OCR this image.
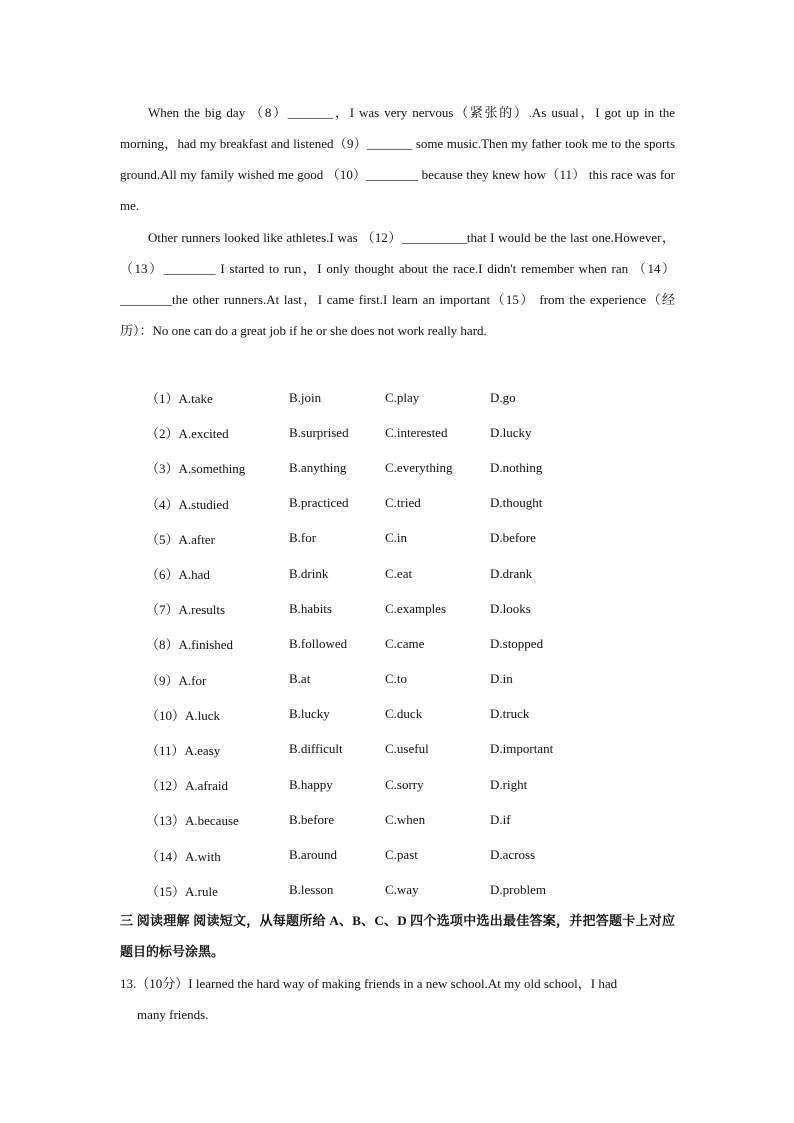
When the big day （8）_______，I was very nervous（紧张的）.As usual，I got up in the morning，had my breakfast and listened（9）_______ some music.Then my father took me to the sports ground.All my family wished me good （10）________ because they knew how（11） this race was for me.

Other runners looked like athletes.I was （12）__________that I would be the last one.However，（13）________ I started to run，I only thought about the race.I didn't remember when ran （14）________the other runners.At last，I came first.I learn an important（15） from the experience（经历）：No one can do a great job if he or she does not work really hard.

（1）A.take	B.join	C.play	D.go
（2）A.excited	B.surprised	C.interested	D.lucky
（3）A.something	B.anything	C.everything	D.nothing
（4）A.studied	B.practiced	C.tried	D.thought
（5）A.after	B.for	C.in	D.before
（6）A.had	B.drink	C.eat	D.drank
（7）A.results	B.habits	C.examples	D.looks
（8）A.finished	B.followed	C.came	D.stopped
（9）A.for	B.at	C.to	D.in
（10）A.luck	B.lucky	C.duck	D.truck
（11）A.easy	B.difficult	C.useful	D.important
（12）A.afraid	B.happy	C.sorry	D.right
（13）A.because	B.before	C.when	D.if
（14）A.with	B.around	C.past	D.across
（15）A.rule	B.lesson	C.way	D.problem

三 阅读理解 阅读短文，从每题所给 A、B、C、D 四个选项中选出最佳答案，并把答题卡上对应题目的标号涂黑。

13.（10分）I learned the hard way of making friends in a new school.At my old school，I had
many friends.
